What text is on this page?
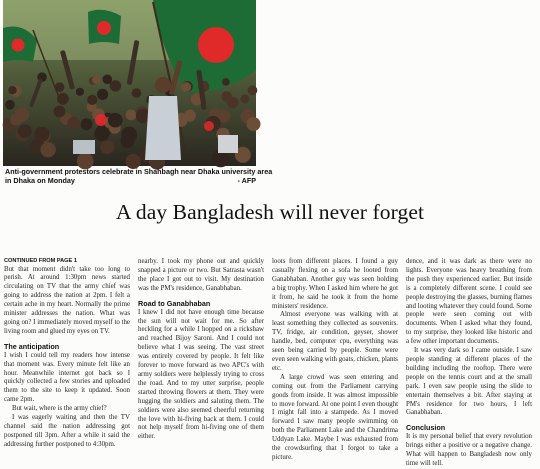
Anti-government protestors celebrate in Shahbagh near Dhaka university area
- AFP
in Dhaka on Monday
A day Bangladesh will never forget
CONTINUED FROM PAGE 1

But that moment didn't take too long to perish. At around 1:30pm news started circulating on TV that the army chief was going to address the nation at 2pm. I felt a certain ache in my heart. Normally the prime minister addresses the nation. What was going on? I immediately moved myself to the living room and glued my eyes on TV.

The anticipation

I wish I could tell my readers how intense that moment was. Every minute felt like an hour. Meanwhile internet got back so I quickly collected a few stories and uploaded them to the site to keep it updated. Soon came 2pm.

But wait, where is the army chief?

I was eagerly waiting and then the TV channel said the nation addressing got postponed till 3pm. After a while it said the addressing further postponed to 4:30pm.

nearby. I took my phone out and quickly snapped a picture or two. But Satrasta wasn't the place I got out to visit. My destination was the PM's residence, Ganabhaban.

Road to Ganabhaban

I knew I did not have enough time because the sun will not wait for me. So after heckling for a while I hopped on a rickshaw and reached Bijoy Saroni. And I could not believe what I was seeing. The vast street was entirely covered by people. It felt like forever to move forward as two APC's with army soldiers were helplessly trying to cross the road. And to my utter surprise, people started throwing flowers at them. They were hugging the soldiers and saluting them. The soldiers were also seemed cheerful returning the love with hi-fiving back at them. I could not help myself from hi-fiving one of them either.

loots from different places. I found a guy casually flexing on a sofa he looted from Ganabhaban. Another guy was seen holding a big trophy. When I asked him where he got it from, he said he took it from the home ministers' residence.

Almost everyone was walking with at least something they collected as souvenirs. TV, fridge, air condition, geyser, shower handle, bed, computer cpu, everything was seen being carried by people. Some were even seen walking with goats, chicken, plants etc.

A large crowd was seen entering and coming out from the Parliament carrying goods from inside. It was almost impossible to move forward. At one point I even thought I might fall into a stampede. As I moved forward I saw many people swimming on both the Parliament Lake and the Chandrima Uddyan Lake. Maybe I was exhausted from the crowdsurfing that I forgot to take a picture.

dence, and it was dark as there were no lights. Everyone was heavy breathing from the push they experienced earlier. But inside is a completely different scene. I could see people destroying the glasses, burning flames and looting whatever they could found. Some people were seen coming out with documents. When I asked what they found, to my surprise, they looked like historic and a few other important documents.

It was very dark so I came outside. I saw people standing at different places of the building including the rooftop. There were people on the tennis court and at the small park. I even saw people using the slide to entertain themselves a bit. After staying at PM's residence for two hours, I left Ganabhaban.

Conclusion

It is my personal belief that every revolution brings either a positive or a negative change. What will happen to Bangladesh now only time will tell.
